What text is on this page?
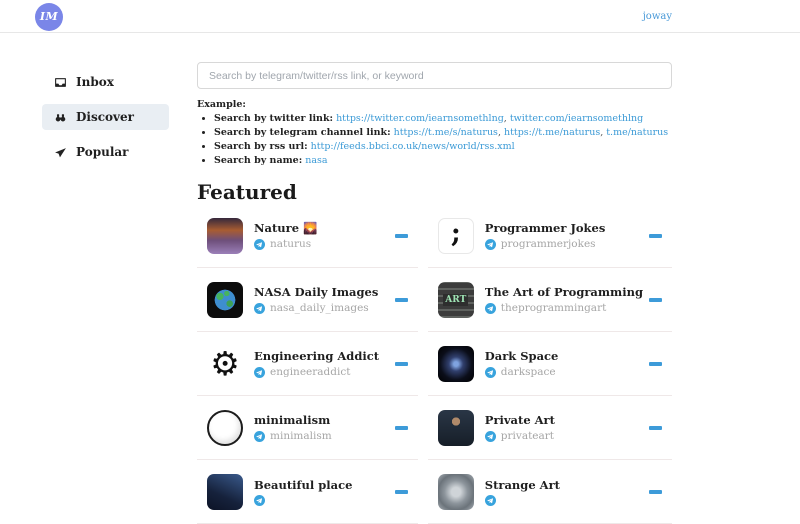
IM	joway
Inbox
Discover
Popular
Search by telegram/twitter/rss link, or keyword
Example:
• Search by twitter link: https://twitter.com/iearnsomethlng, twitter.com/iearnsomethlng
• Search by telegram channel link: https://t.me/s/naturus, https://t.me/naturus, t.me/naturus
• Search by rss url: http://feeds.bbci.co.uk/news/world/rss.xml
• Search by name: nasa
Featured
Nature 🌄
naturus	; Programmer Jokes
programmerjokes
NASA Daily Images
nasa_daily_images
ART
The Art of Programming
theprogrammingart
⚙ Engineering Addict
engineeraddict
Dark Space
darkspace
minimalism
minimalism
Private Art
privateart
Beautiful place	Strange Art
